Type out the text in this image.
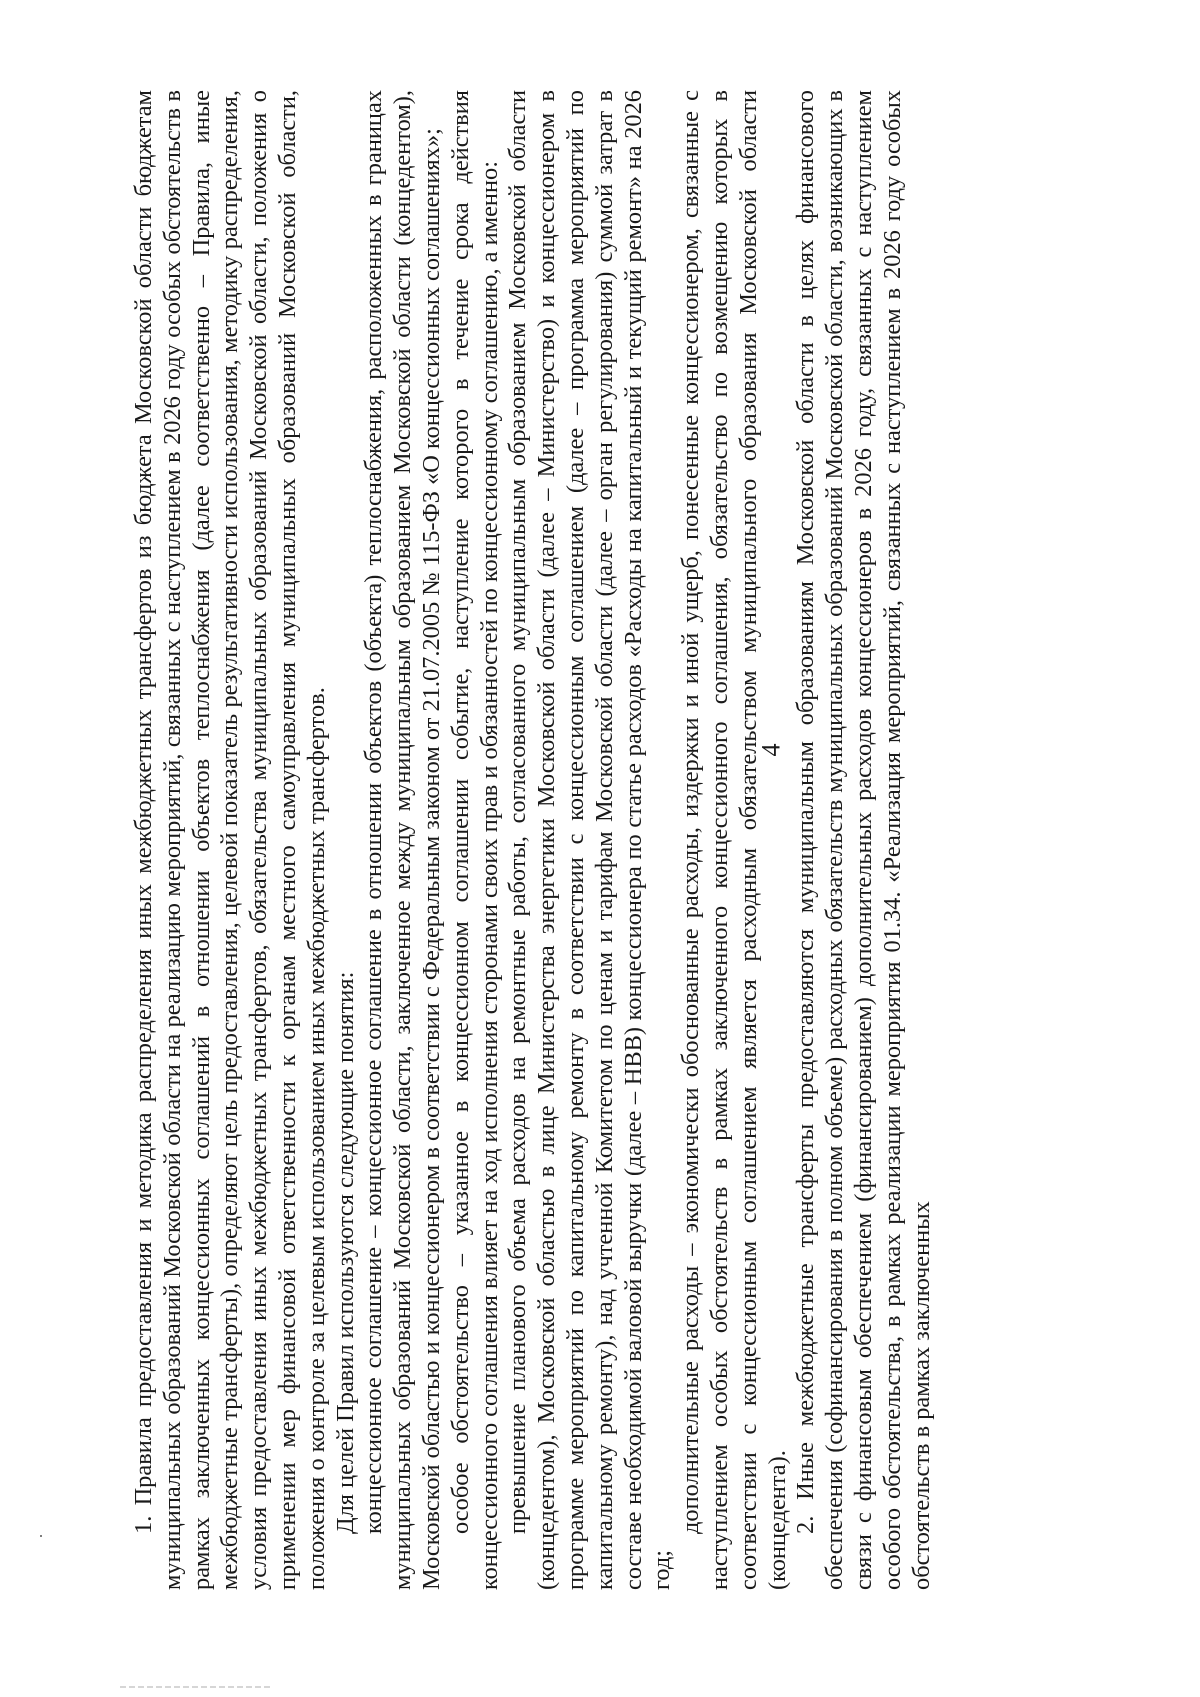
4

1. Правила предоставления и методика распределения иных межбюджетных трансфертов из бюджета Московской области бюджетам муниципальных образований Московской области на реализацию мероприятий, связанных с наступлением в 2026 году особых обстоятельств в рамках заключенных концессионных соглашений в отношении объектов теплоснабжения (далее соответственно – Правила, иные межбюджетные трансферты), определяют цель предоставления, целевой показатель результативности использования, методику распределения, условия предоставления иных межбюджетных трансфертов, обязательства муниципальных образований Московской области, положения о применении мер финансовой ответственности к органам местного самоуправления муниципальных образований Московской области, положения о контроле за целевым использованием иных межбюджетных трансфертов. Для целей Правил используются следующие понятия: концессионное соглашение – концессионное соглашение в отношении объектов (объекта) теплоснабжения, расположенных в границах муниципальных образований Московской области, заключенное между муниципальным образованием Московской области (концедентом), Московской областью и концессионером в соответствии с Федеральным законом от 21.07.2005 № 115-ФЗ «О концессионных соглашениях»; особое обстоятельство – указанное в концессионном соглашении событие, наступление которого в течение срока действия концессионного соглашения влияет на ход исполнения сторонами своих прав и обязанностей по концессионному соглашению, а именно: превышение планового объема расходов на ремонтные работы, согласованного муниципальным образованием Московской области (концедентом), Московской областью в лице Министерства энергетики Московской области (далее – Министерство) и концессионером в программе мероприятий по капитальному ремонту в соответствии с концессионным соглашением (далее – программа мероприятий по капитальному ремонту), над учтенной Комитетом по ценам и тарифам Московской области (далее – орган регулирования) суммой затрат в составе необходимой валовой выручки (далее – НВВ) концессионера по статье расходов «Расходы на капитальный и текущий ремонт» на 2026 год;

дополнительные расходы – экономически обоснованные расходы, издержки и иной ущерб, понесенные концессионером, связанные с наступлением особых обстоятельств в рамках заключенного концессионного соглашения, обязательство по возмещению которых в соответствии с концессионным соглашением является расходным обязательством муниципального образования Московской области (концедента). 2. Иные межбюджетные трансферты предоставляются муниципальным образованиям Московской области в целях финансового обеспечения (софинансирования в полном объеме) расходных обязательств муниципальных образований Московской области, возникающих в связи с финансовым обеспечением (финансированием) дополнительных расходов концессионеров в 2026 году, связанных с наступлением особого обстоятельства, в рамках реализации мероприятия 01.34. «Реализация мероприятий, связанных с наступлением в 2026 году особых обстоятельств в рамках заключенных
